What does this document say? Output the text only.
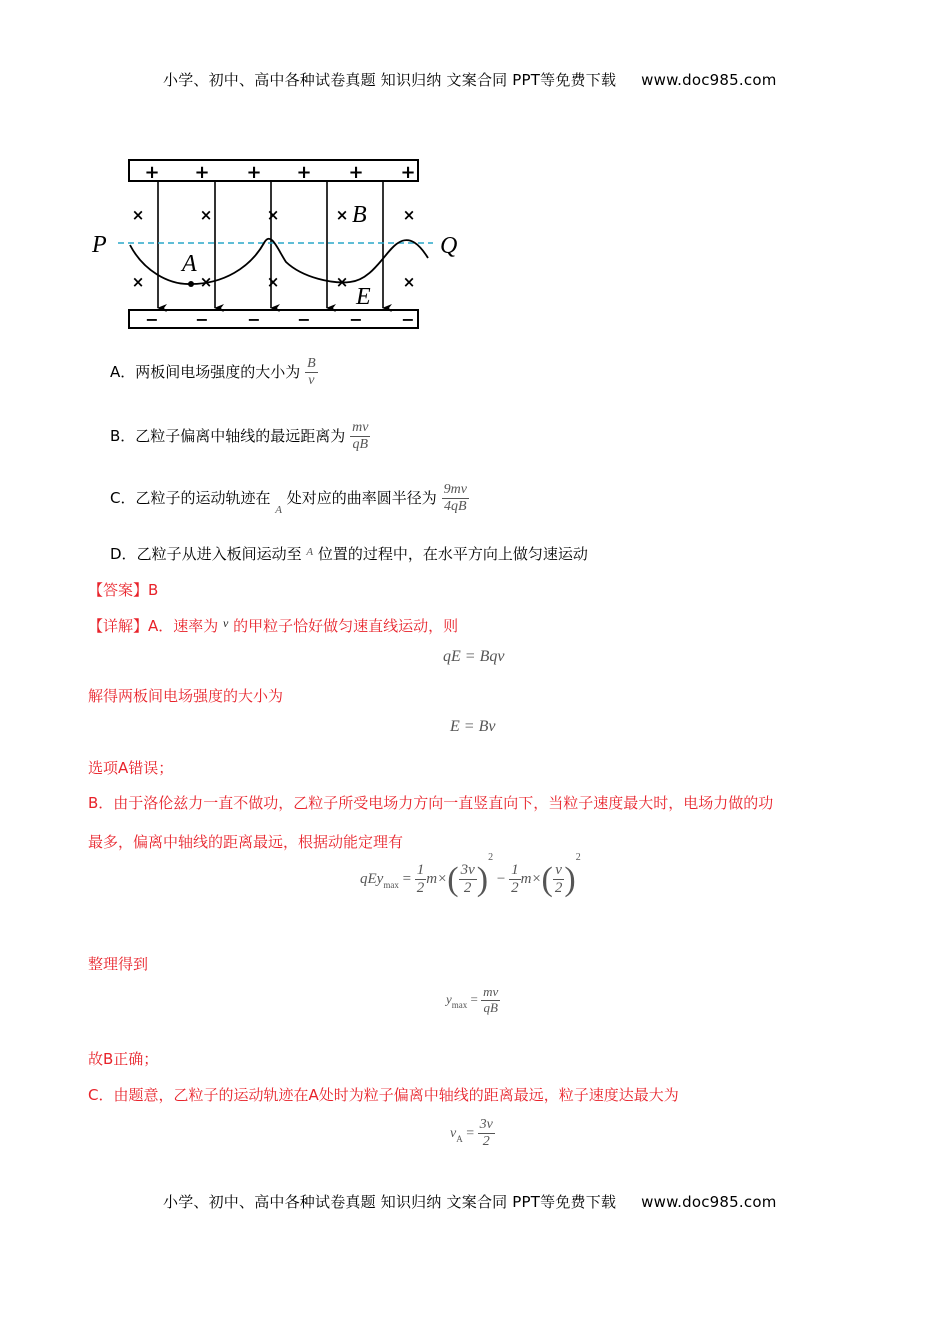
小学、初中、高中各种试卷真题 知识归纳 文案合同 PPT等免费下载 www.doc985.com
+ + + + + +
− − − − − −
×	×	×	×	×
×	×	×	×	×
P	Q
B
A
E
A．两板间电场强度的大小为 $\frac{B}{v}$
B．乙粒子偏离中轴线的最远距离为 $\frac{mv}{qB}$
C．乙粒子的运动轨迹在 $_A$ 处对应的曲率圆半径为 $\frac{9mv}{4qB}$
D．乙粒子从进入板间运动至 $^A$ 位置的过程中，在水平方向上做匀速运动
【答案】B
【详解】A．速率为 $^v$ 的甲粒子恰好做匀速直线运动，则
qE = Bqv
解得两板间电场强度的大小为
E = Bv
选项A错误；
B．由于洛伦兹力一直不做功，乙粒子所受电场力方向一直竖直向下，当粒子速度最大时，电场力做的功
最多，偏离中轴线的距离最远，根据动能定理有
$qEy_{max} = \frac{1}{2} m\times( \frac{3v}{2} )^2 - \frac{1}{2} m\times( \frac{v}{2} )^2$
整理得到
$y_{max} = \frac{mv}{qB}$
故B正确；
C．由题意，乙粒子的运动轨迹在A处时为粒子偏离中轴线的距离最远，粒子速度达最大为
$v_A = \frac{3v}{2}$
小学、初中、高中各种试卷真题 知识归纳 文案合同 PPT等免费下载 www.doc985.com
